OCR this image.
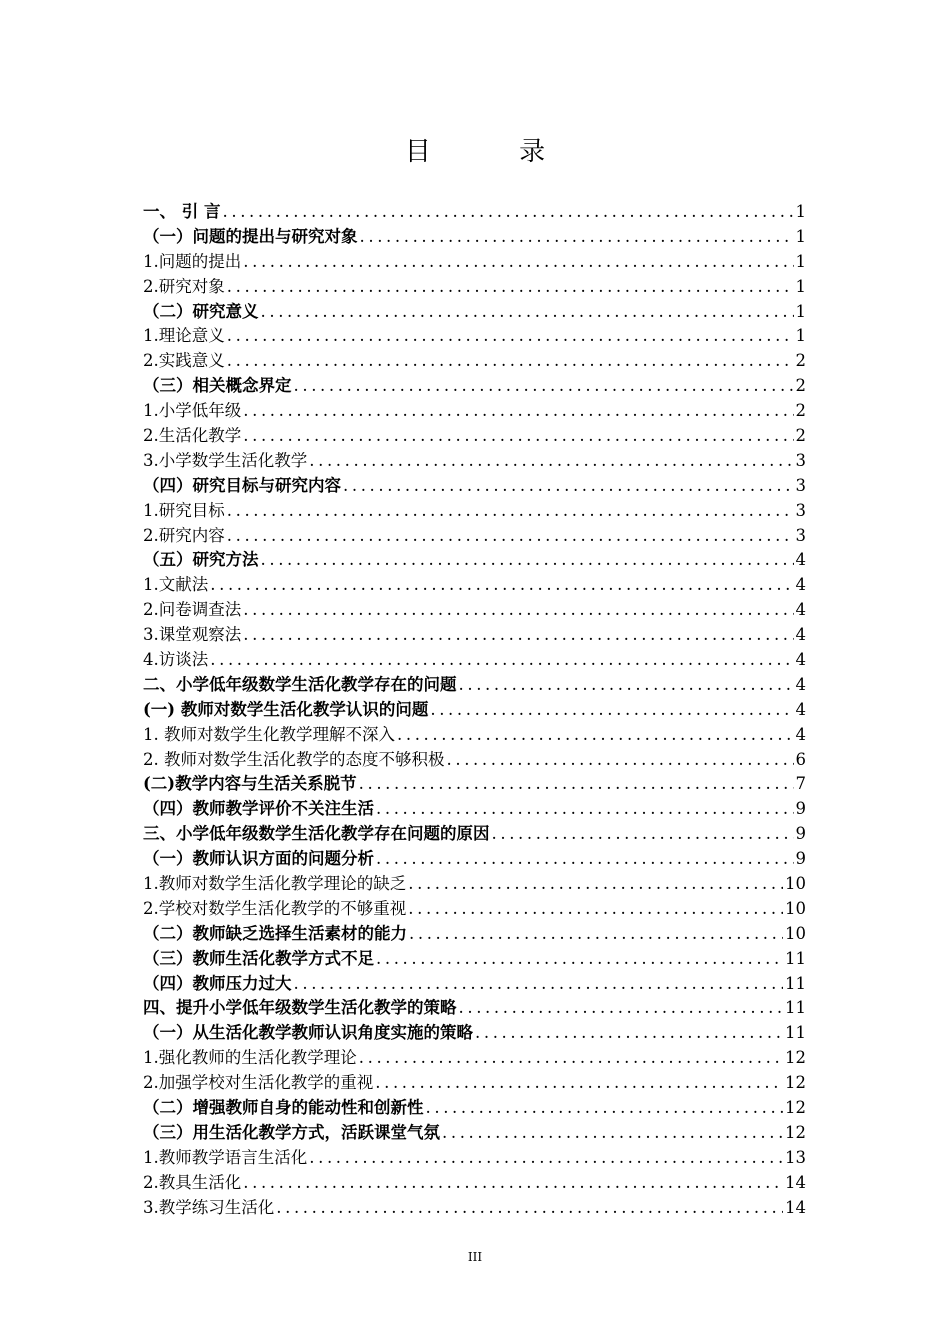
目 录
一、 引 言 .....	1
（一）问题的提出与研究对象 .....	1
1.问题的提出 .....	1
2.研究对象 .....	1
（二）研究意义 .....	1
1.理论意义 .....	1
2.实践意义 .....	2
（三）相关概念界定 .....	2
1.小学低年级 .....	2
2.生活化教学 .....	2
3.小学数学生活化教学 .....	3
（四）研究目标与研究内容 .....	3
1.研究目标 .....	3
2.研究内容 .....	3
（五）研究方法 .....	4
1.文献法 .....	4
2.问卷调查法 .....	4
3.课堂观察法 .....	4
4.访谈法 .....	4
二、小学低年级数学生活化教学存在的问题 .....	4
(一) 教师对数学生活化教学认识的问题 .....	4
1. 教师对数学生化教学理解不深入 .....	4
2. 教师对数学生活化教学的态度不够积极 .....	6
(二)教学内容与生活关系脱节 .....	7
（四）教师教学评价不关注生活 .....	9
三、小学低年级数学生活化教学存在问题的原因 .....	9
（一）教师认识方面的问题分析 .....	9
1.教师对数学生活化教学理论的缺乏 .....	10
2.学校对数学生活化教学的不够重视 .....	10
（二）教师缺乏选择生活素材的能力 .....	10
（三）教师生活化教学方式不足 .....	11
（四）教师压力过大 .....	11
四、提升小学低年级数学生活化教学的策略 .....	11
（一）从生活化教学教师认识角度实施的策略 .....	11
1.强化教师的生活化教学理论 .....	12
2.加强学校对生活化教学的重视 .....	12
（二）增强教师自身的能动性和创新性 .....	12
（三）用生活化教学方式，活跃课堂气氛 .....	12
1.教师教学语言生活化 .....	13
2.教具生活化 .....	14
3.教学练习生活化 .....	14
III
